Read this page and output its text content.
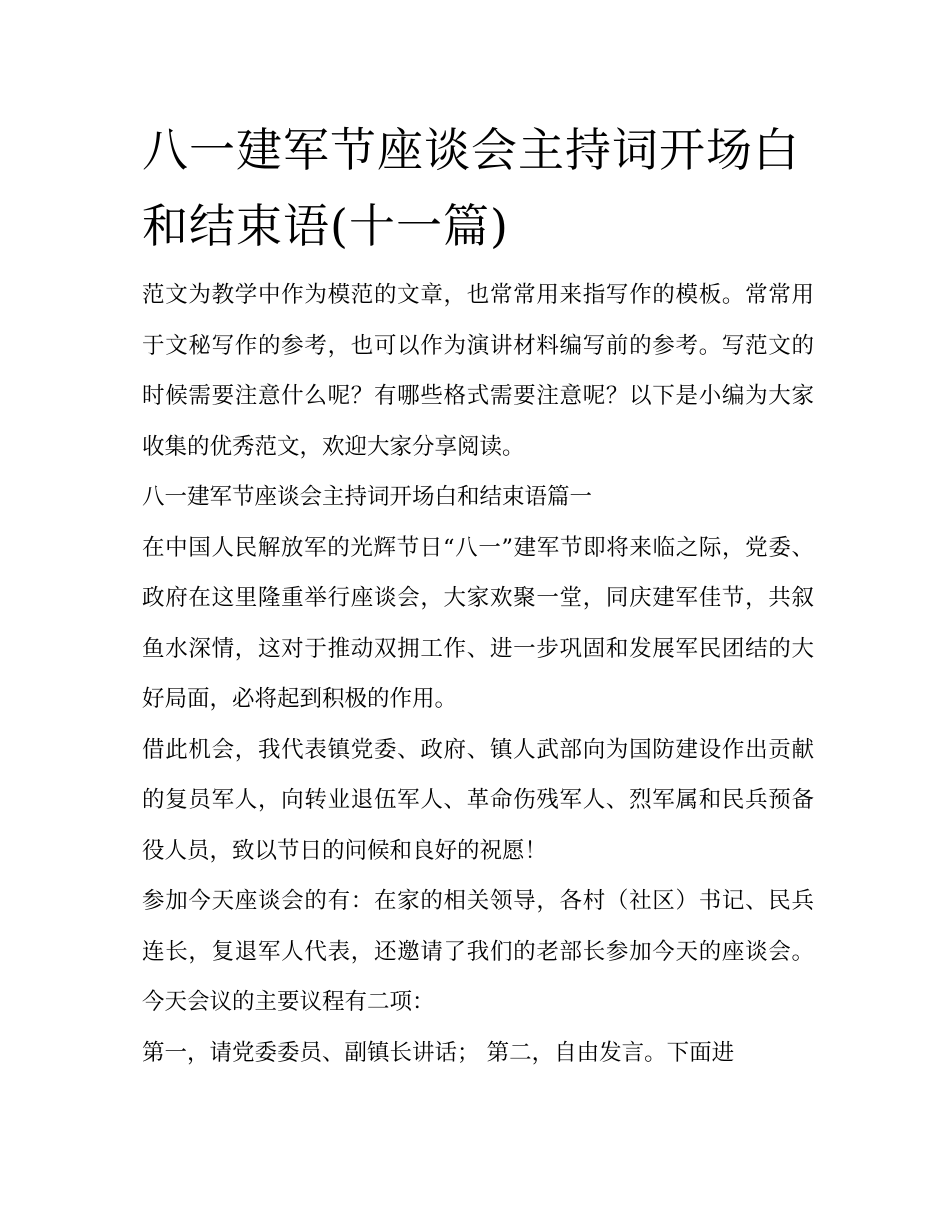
八一建军节座谈会主持词开场白和结束语(十一篇)

范文为教学中作为模范的文章，也常常用来指写作的模板。常常用于文秘写作的参考，也可以作为演讲材料编写前的参考。写范文的时候需要注意什么呢？有哪些格式需要注意呢？以下是小编为大家收集的优秀范文，欢迎大家分享阅读。

八一建军节座谈会主持词开场白和结束语篇一

在中国人民解放军的光辉节日“八一”建军节即将来临之际，党委、政府在这里隆重举行座谈会，大家欢聚一堂，同庆建军佳节，共叙鱼水深情，这对于推动双拥工作、进一步巩固和发展军民团结的大好局面，必将起到积极的作用。

借此机会，我代表镇党委、政府、镇人武部向为国防建设作出贡献的复员军人，向转业退伍军人、革命伤残军人、烈军属和民兵预备役人员，致以节日的问候和良好的祝愿！

参加今天座谈会的有：在家的相关领导，各村（社区）书记、民兵连长，复退军人代表，还邀请了我们的老部长参加今天的座谈会。 今天会议的主要议程有二项：

第一，请党委委员、副镇长讲话； 第二，自由发言。下面进
